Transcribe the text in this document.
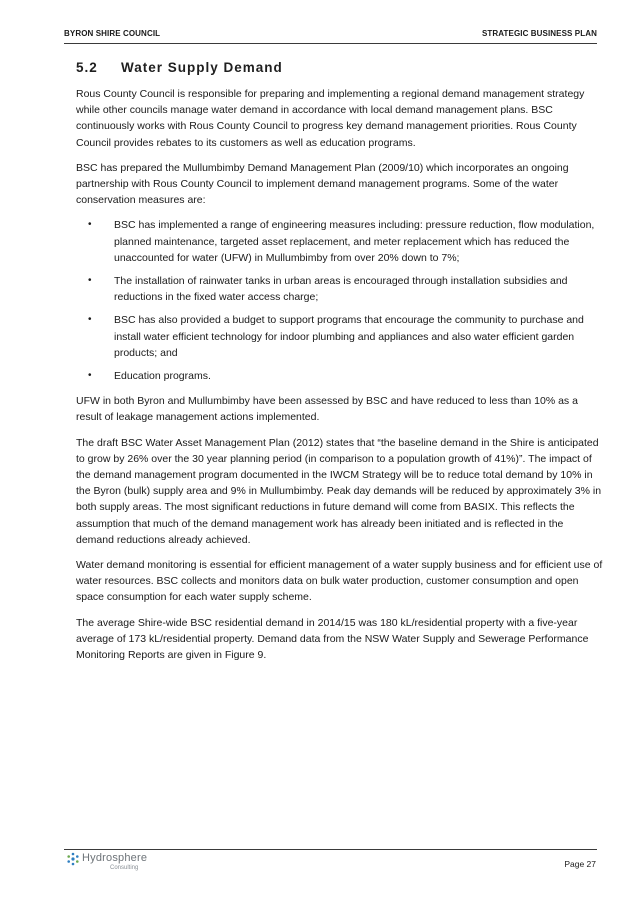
BYRON SHIRE COUNCIL	STRATEGIC BUSINESS PLAN
5.2 Water Supply Demand

Rous County Council is responsible for preparing and implementing a regional demand management strategy while other councils manage water demand in accordance with local demand management plans. BSC continuously works with Rous County Council to progress key demand management priorities. Rous County Council provides rebates to its customers as well as education programs.

BSC has prepared the Mullumbimby Demand Management Plan (2009/10) which incorporates an ongoing partnership with Rous County Council to implement demand management programs. Some of the water conservation measures are:

• BSC has implemented a range of engineering measures including: pressure reduction, flow modulation, planned maintenance, targeted asset replacement, and meter replacement which has reduced the unaccounted for water (UFW) in Mullumbimby from over 20% down to 7%;
• The installation of rainwater tanks in urban areas is encouraged through installation subsidies and reductions in the fixed water access charge;
• BSC has also provided a budget to support programs that encourage the community to purchase and install water efficient technology for indoor plumbing and appliances and also water efficient garden products; and
• Education programs.

UFW in both Byron and Mullumbimby have been assessed by BSC and have reduced to less than 10% as a result of leakage management actions implemented.

The draft BSC Water Asset Management Plan (2012) states that “the baseline demand in the Shire is anticipated to grow by 26% over the 30 year planning period (in comparison to a population growth of 41%)”. The impact of the demand management program documented in the IWCM Strategy will be to reduce total demand by 10% in the Byron (bulk) supply area and 9% in Mullumbimby. Peak day demands will be reduced by approximately 3% in both supply areas. The most significant reductions in future demand will come from BASIX. This reflects the assumption that much of the demand management work has already been initiated and is reflected in the demand reductions already achieved.

Water demand monitoring is essential for efficient management of a water supply business and for efficient use of water resources. BSC collects and monitors data on bulk water production, customer consumption and open space consumption for each water supply scheme.

The average Shire-wide BSC residential demand in 2014/15 was 180 kL/residential property with a five-year average of 173 kL/residential property. Demand data from the NSW Water Supply and Sewerage Performance Monitoring Reports are given in Figure 9.

Hydrosphere
Consulting	Page 27
